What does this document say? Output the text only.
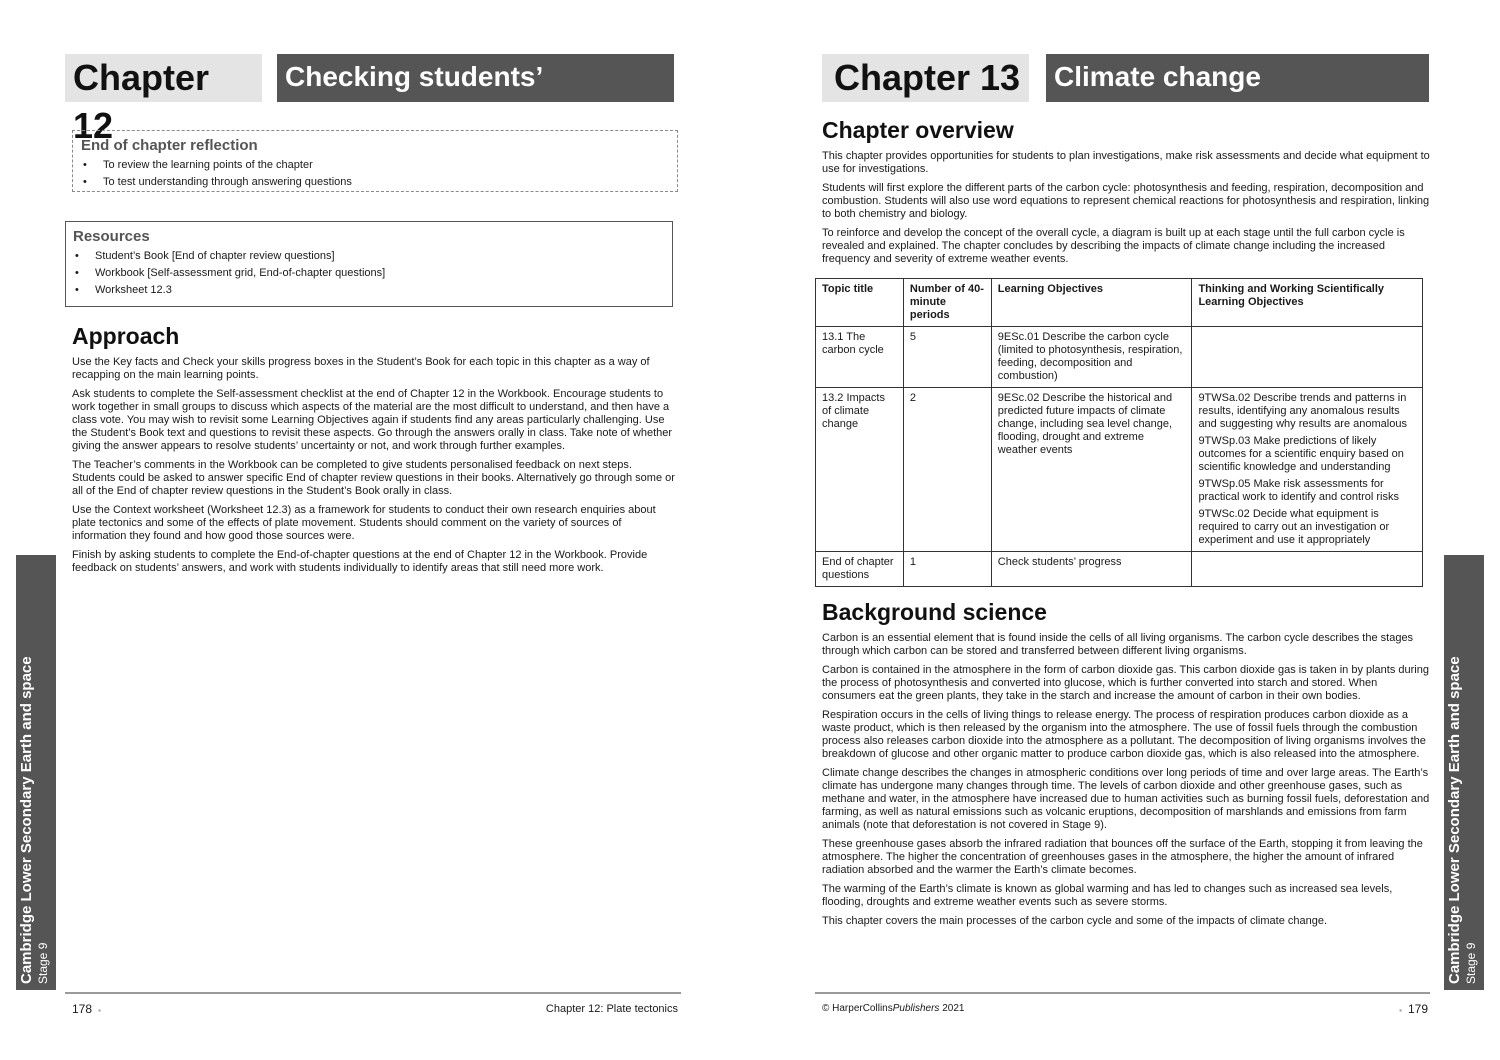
Chapter 12
Checking students’ progress
End of chapter reflection
• To review the learning points of the chapter
• To test understanding through answering questions
Resources
• Student’s Book [End of chapter review questions]
• Workbook [Self-assessment grid, End-of-chapter questions]
• Worksheet 12.3
Approach

Use the Key facts and Check your skills progress boxes in the Student’s Book for each topic in this chapter as a way of recapping on the main learning points.

Ask students to complete the Self-assessment checklist at the end of Chapter 12 in the Workbook. Encourage students to work together in small groups to discuss which aspects of the material are the most difficult to understand, and then have a class vote. You may wish to revisit some Learning Objectives again if students find any areas particularly challenging. Use the Student’s Book text and questions to revisit these aspects. Go through the answers orally in class. Take note of whether giving the answer appears to resolve students’ uncertainty or not, and work through further examples.

The Teacher’s comments in the Workbook can be completed to give students personalised feedback on next steps. Students could be asked to answer specific End of chapter review questions in their books. Alternatively go through some or all of the End of chapter review questions in the Student’s Book orally in class.

Use the Context worksheet (Worksheet 12.3) as a framework for students to conduct their own research enquiries about plate tectonics and some of the effects of plate movement. Students should comment on the variety of sources of information they found and how good those sources were.

Finish by asking students to complete the End-of-chapter questions at the end of Chapter 12 in the Workbook. Provide feedback on students’ answers, and work with students individually to identify areas that still need more work.

Cambridge Lower Secondary Earth and space Stage 9
178 ▪	Chapter 12: Plate tectonics
Chapter 13	Climate change
Chapter overview

This chapter provides opportunities for students to plan investigations, make risk assessments and decide what equipment to use for investigations.

Students will first explore the different parts of the carbon cycle: photosynthesis and feeding, respiration, decomposition and combustion. Students will also use word equations to represent chemical reactions for photosynthesis and respiration, linking to both chemistry and biology.

To reinforce and develop the concept of the overall cycle, a diagram is built up at each stage until the full carbon cycle is revealed and explained. The chapter concludes by describing the impacts of climate change including the increased frequency and severity of extreme weather events.

Topic title	Number of 40-minute periods	Learning Objectives	Thinking and Working Scientifically Learning Objectives
13.1 The carbon cycle	5	9ESc.01 Describe the carbon cycle (limited to photosynthesis, respiration, feeding, decomposition and combustion)	
13.2 Impacts of climate change	2	9ESc.02 Describe the historical and predicted future impacts of climate change, including sea level change, flooding, drought and extreme weather events	9TWSa.02 Describe trends and patterns in results, identifying any anomalous results and suggesting why results are anomalous
9TWSp.03 Make predictions of likely outcomes for a scientific enquiry based on scientific knowledge and understanding
9TWSp.05 Make risk assessments for practical work to identify and control risks
9TWSc.02 Decide what equipment is required to carry out an investigation or experiment and use it appropriately

End of chapter questions	1	Check students’ progress	
Background science

Carbon is an essential element that is found inside the cells of all living organisms. The carbon cycle describes the stages through which carbon can be stored and transferred between different living organisms.

Carbon is contained in the atmosphere in the form of carbon dioxide gas. This carbon dioxide gas is taken in by plants during the process of photosynthesis and converted into glucose, which is further converted into starch and stored. When consumers eat the green plants, they take in the starch and increase the amount of carbon in their own bodies.

Respiration occurs in the cells of living things to release energy. The process of respiration produces carbon dioxide as a waste product, which is then released by the organism into the atmosphere. The use of fossil fuels through the combustion process also releases carbon dioxide into the atmosphere as a pollutant. The decomposition of living organisms involves the breakdown of glucose and other organic matter to produce carbon dioxide gas, which is also released into the atmosphere.

Climate change describes the changes in atmospheric conditions over long periods of time and over large areas. The Earth’s climate has undergone many changes through time. The levels of carbon dioxide and other greenhouse gases, such as methane and water, in the atmosphere have increased due to human activities such as burning fossil fuels, deforestation and farming, as well as natural emissions such as volcanic eruptions, decomposition of marshlands and emissions from farm animals (note that deforestation is not covered in Stage 9).

These greenhouse gases absorb the infrared radiation that bounces off the surface of the Earth, stopping it from leaving the atmosphere. The higher the concentration of greenhouses gases in the atmosphere, the higher the amount of infrared radiation absorbed and the warmer the Earth’s climate becomes.

The warming of the Earth’s climate is known as global warming and has led to changes such as increased sea levels, flooding, droughts and extreme weather events such as severe storms.

This chapter covers the main processes of the carbon cycle and some of the impacts of climate change.	Cambridge Lower Secondary Earth and space Stage 9
© HarperCollinsPublishers 2021	▪ 179
